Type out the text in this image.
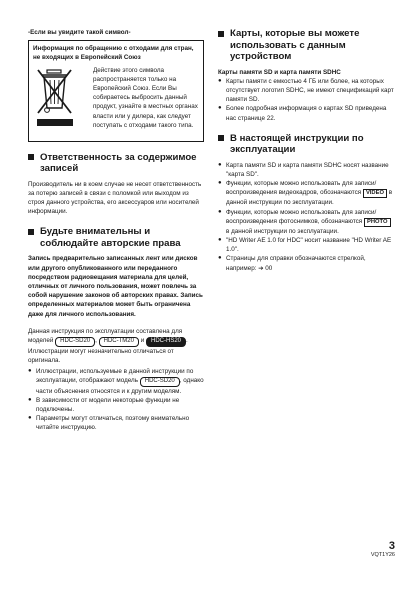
-Если вы увидите такой символ-

Информация по обращению с отходами для стран, не входящих в Европейский Союз

Действие этого символа распространяется только на Европейский Союз. Если Вы собираетесь выбросить данный продукт, узнайте в местных органах власти или у дилера, как следует поступать с отходами такого типа.
Ответственность за содержимое записей

Производитель ни в коем случае не несет ответственность за потерю записей в связи с поломкой или выходом из строя данного устройства, его аксессуаров или носителей информации.

Будьте внимательны и соблюдайте авторские права

Запись предварительно записанных лент или дисков или другого опубликованного или переданного посредством радиовещания материала для целей, отличных от личного пользования, может повлечь за собой нарушение законов об авторских правах. Запись определенных материалов может быть ограничена даже для личного использования.

Данная инструкция по эксплуатации составлена для моделей HDC-SD20 , HDC-TM20 и HDC-HS20 . Иллюстрации могут незначительно отличаться от оригинала.

● Иллюстрации, используемые в данной инструкции по эксплуатации, отображают модель HDC-SD20 , однако части объяснения относятся и к другим моделям.
● В зависимости от модели некоторые функции не подключены.
● Параметры могут отличаться, поэтому внимательно читайте инструкцию.
Карты, которые вы можете использовать с данным устройством

Карты памяти SD и карта памяти SDHC

● Карты памяти с емкостью 4 ГБ или более, на которых отсутствует логотип SDHC, не имеют спецификаций карт памяти SD.
● Более подробная информация о картах SD приведена нас странице 22.
В настоящей инструкции по эксплуатации
● Карта памяти SD и карта памяти SDHC носят название "карта SD".
● Функции, которые можно использовать для записи/воспроизведения видеокадров, обозначаются VIDEO в данной инструкции по эксплуатации.
● Функции, которые можно использовать для записи/воспроизведения фотоснимков, обозначаются PHOTO в данной инструкции по эксплуатации.
● "HD Writer AE 1.0 for HDC" носит название "HD Writer AE 1.0".
● Страницы для справки обозначаются стрелкой, например: ➔ 00
3
VQT1Y26
